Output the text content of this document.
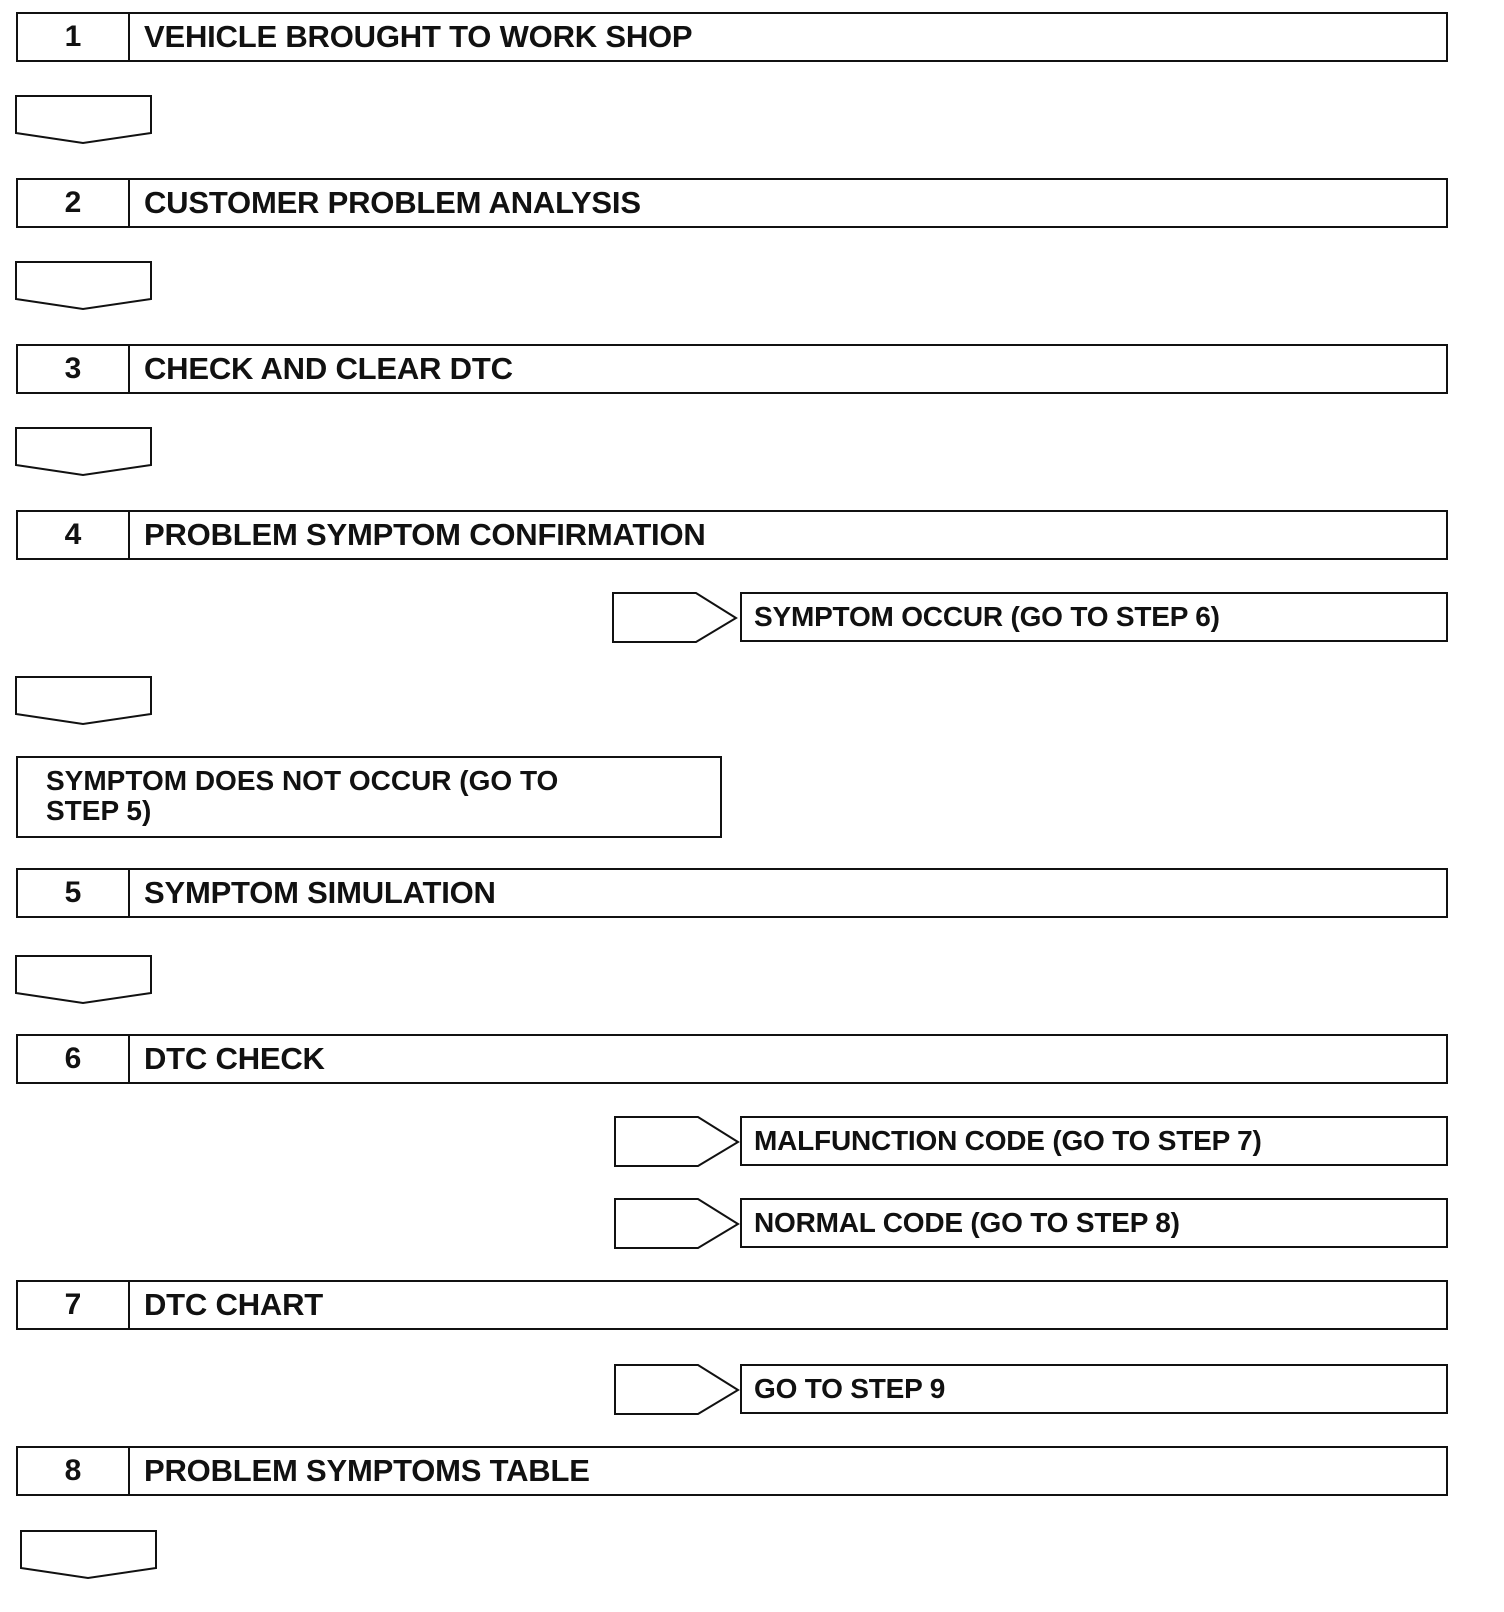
1	VEHICLE BROUGHT TO WORK SHOP
2	CUSTOMER PROBLEM ANALYSIS
3	CHECK AND CLEAR DTC
4	PROBLEM SYMPTOM CONFIRMATION
SYMPTOM OCCUR (GO TO STEP 6)
SYMPTOM DOES NOT OCCUR (GO TO
STEP 5)
5	SYMPTOM SIMULATION
6	DTC CHECK
MALFUNCTION CODE (GO TO STEP 7)
NORMAL CODE (GO TO STEP 8)
7	DTC CHART
GO TO STEP 9
8	PROBLEM SYMPTOMS TABLE
